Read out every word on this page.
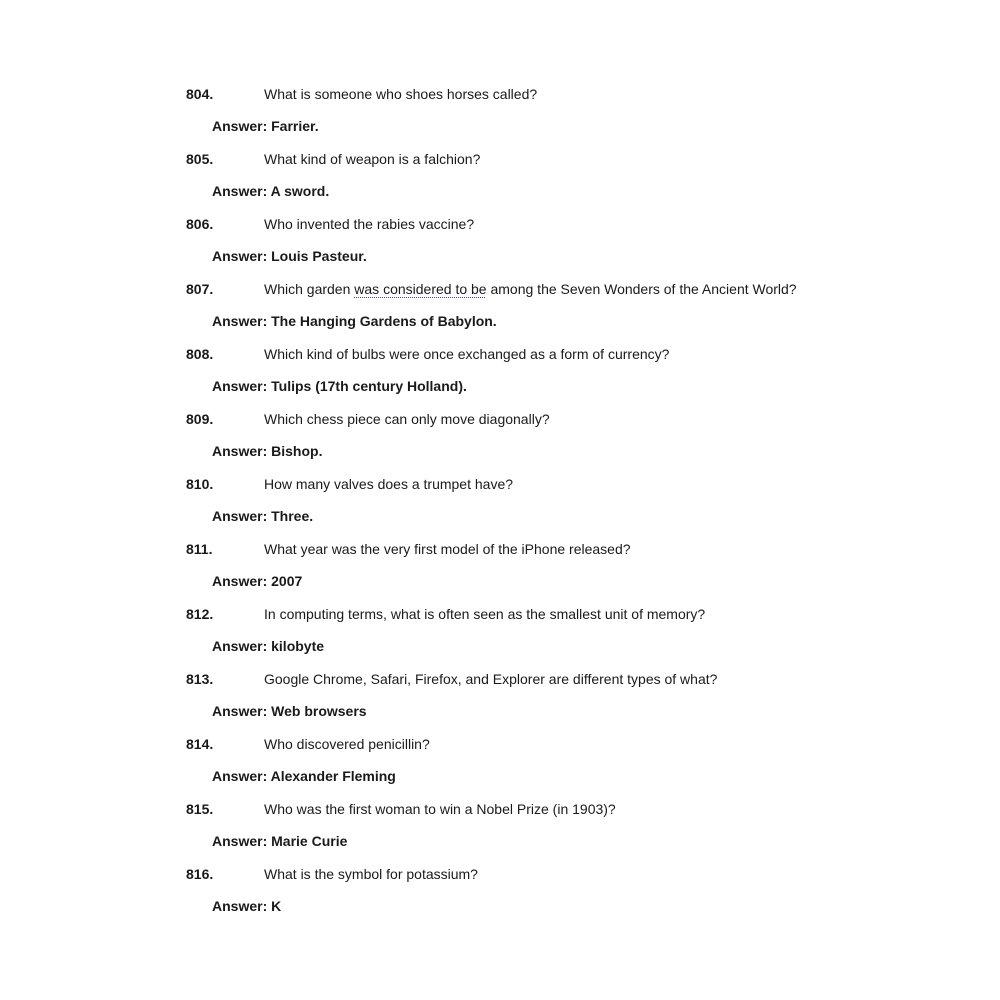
804.	What is someone who shoes horses called?
Answer: Farrier.
805.	What kind of weapon is a falchion?
Answer: A sword.
806.	Who invented the rabies vaccine?
Answer: Louis Pasteur.
807.	Which garden was considered to be among the Seven Wonders of the Ancient World?
Answer: The Hanging Gardens of Babylon.
808.	Which kind of bulbs were once exchanged as a form of currency?
Answer: Tulips (17th century Holland).
809.	Which chess piece can only move diagonally?
Answer: Bishop.
810.	How many valves does a trumpet have?
Answer: Three.
811.	What year was the very first model of the iPhone released?
Answer: 2007
812.	In computing terms, what is often seen as the smallest unit of memory?
Answer: kilobyte
813.	Google Chrome, Safari, Firefox, and Explorer are different types of what?
Answer: Web browsers
814.	Who discovered penicillin?
Answer: Alexander Fleming
815.	Who was the first woman to win a Nobel Prize (in 1903)?
Answer: Marie Curie
816.	What is the symbol for potassium?
Answer: K
